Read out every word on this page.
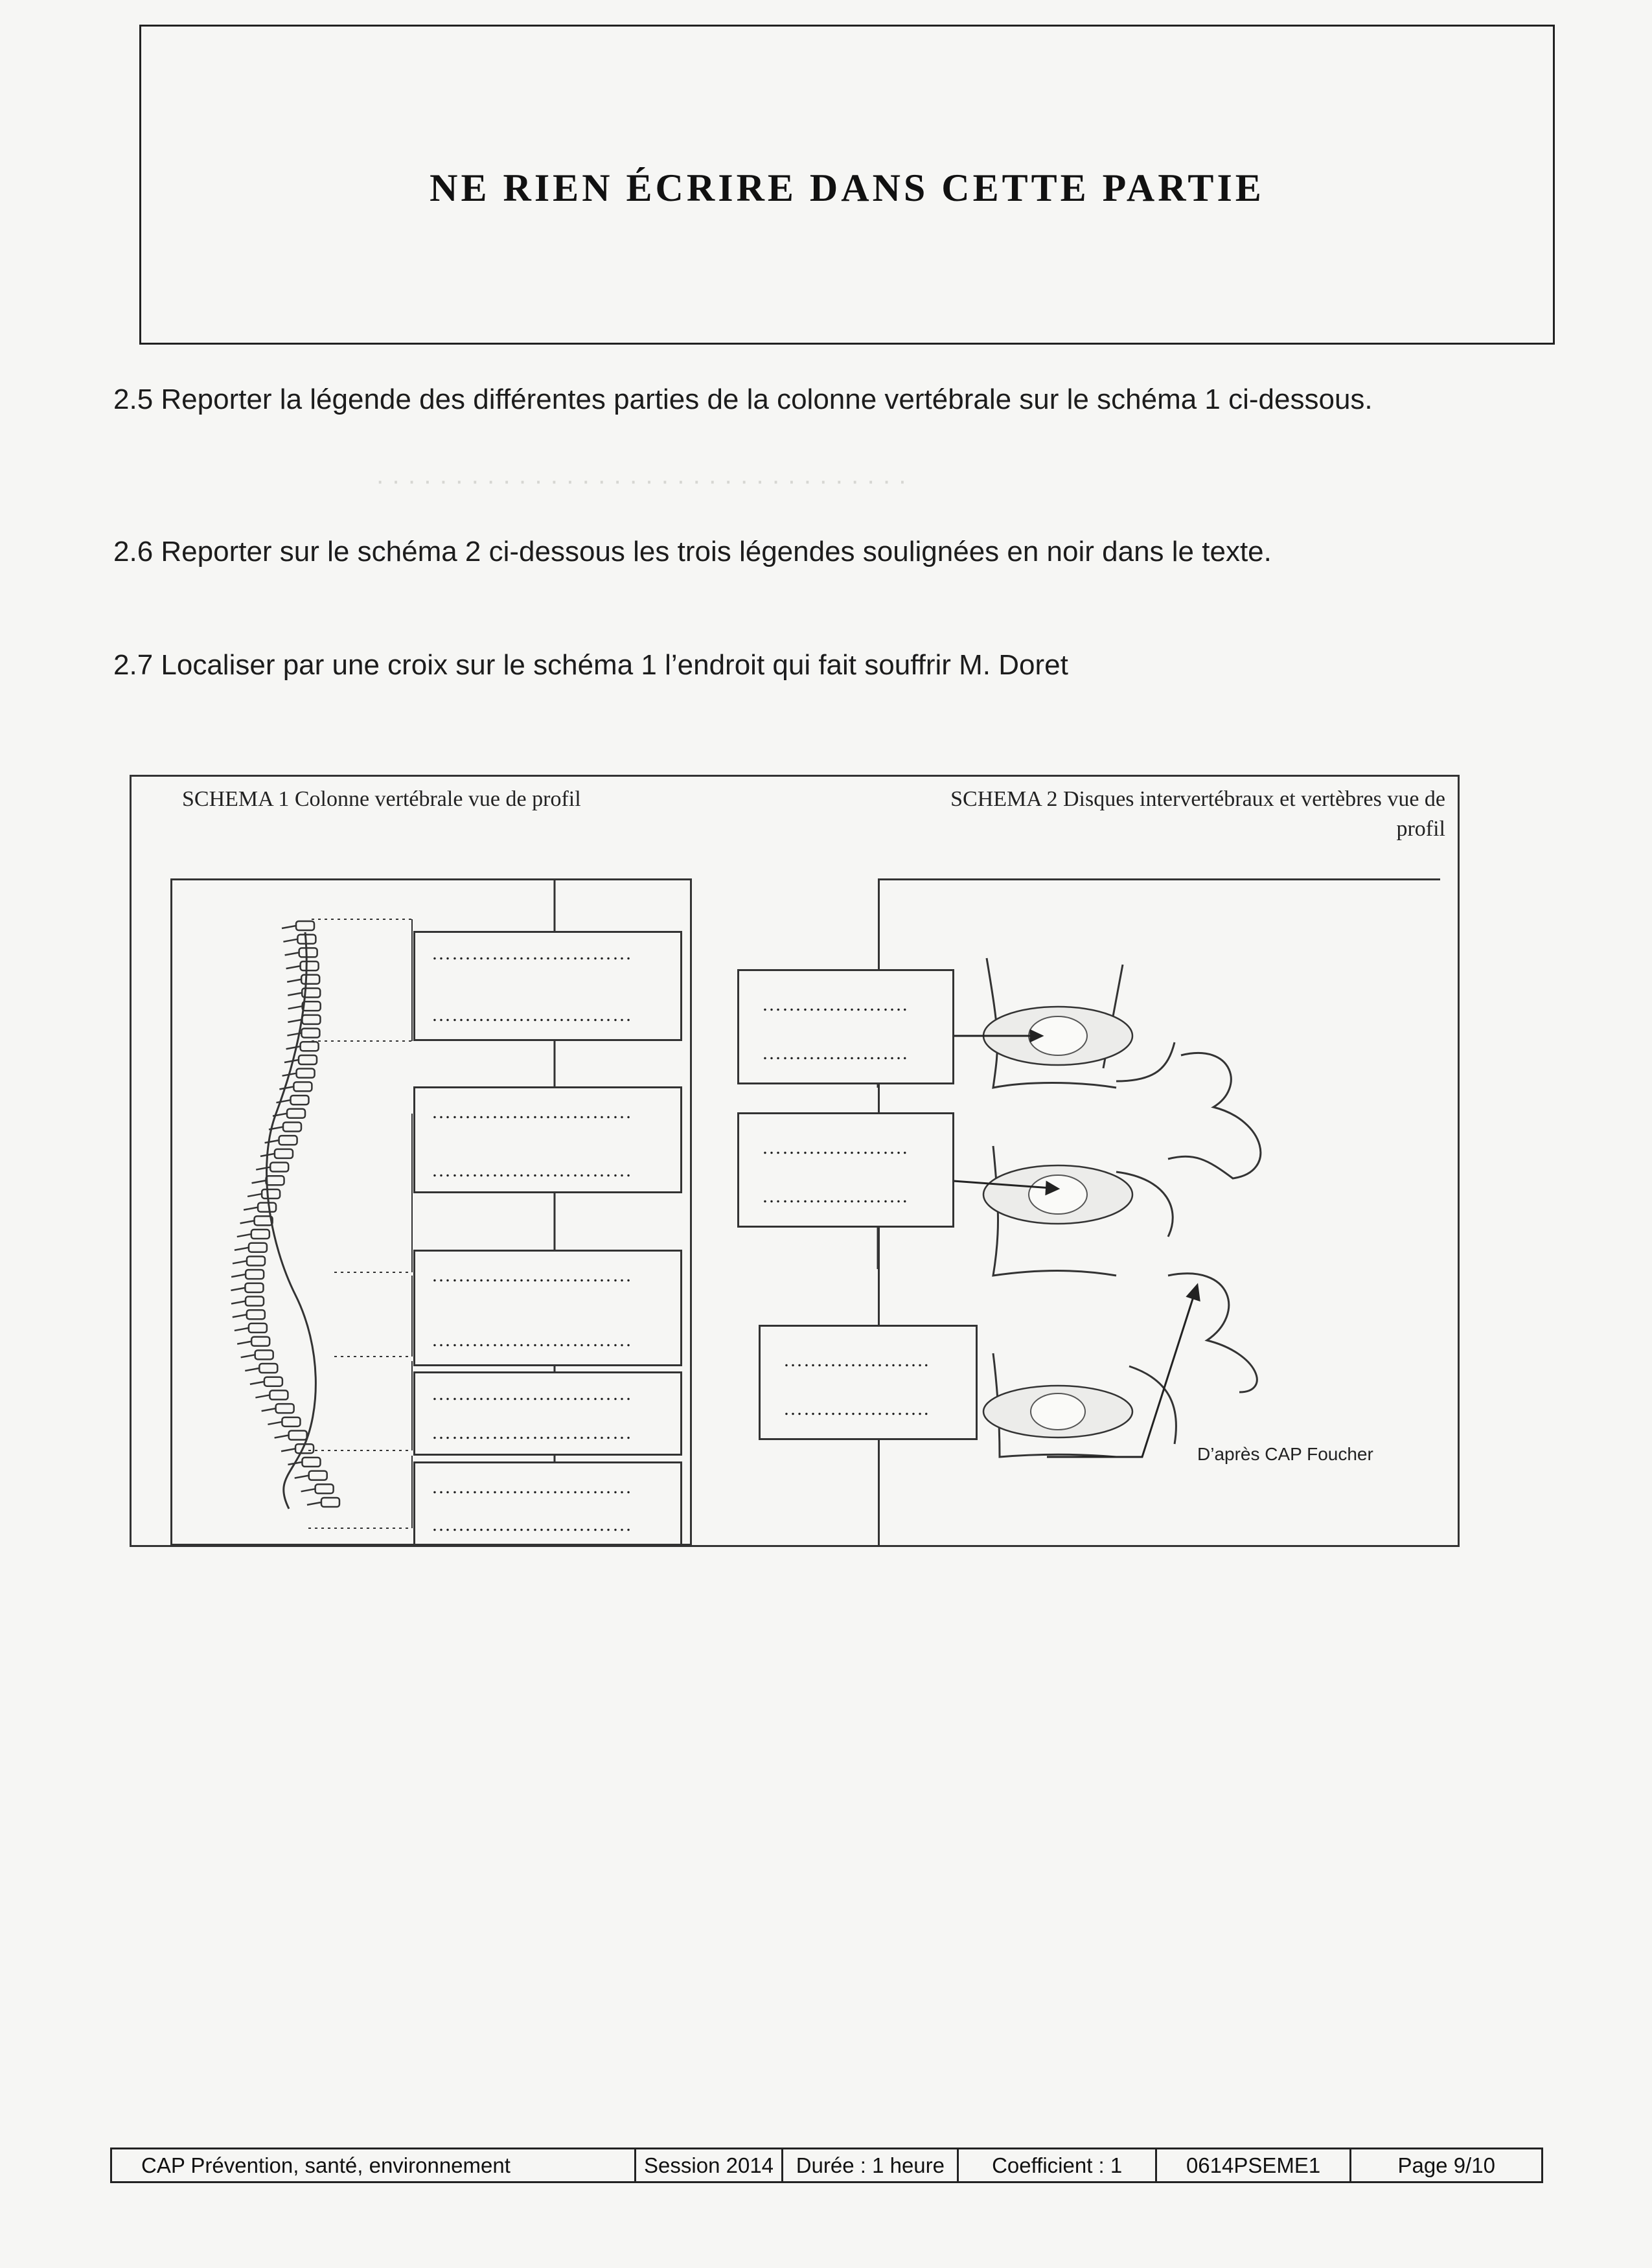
· · · · · · · · · · · · · · · · · · · · · · · · · · · · · · · · · ·
NE RIEN ÉCRIRE DANS CETTE PARTIE
2.5 Reporter la légende des différentes parties de la colonne vertébrale sur le schéma 1 ci-dessous.
2.6 Reporter sur le schéma 2 ci-dessous les trois légendes soulignées en noir dans le texte.
2.7 Localiser par une croix sur le schéma 1 l’endroit qui fait souffrir M. Doret
SCHEMA 1 Colonne vertébrale vue de profil	SCHEMA 2 Disques intervertébraux et vertèbres vue de profil
…………………………
…………………………
…………………………
…………………………
…………………………
…………………………
…………………………
…………………………
…………………………
…………………………
………………….
………………….
………………….
………………….
………………….
………………….
D’après CAP Foucher
CAP Prévention, santé, environnement	Session 2014	Durée : 1 heure	Coefficient : 1	0614PSEME1	Page 9/10
